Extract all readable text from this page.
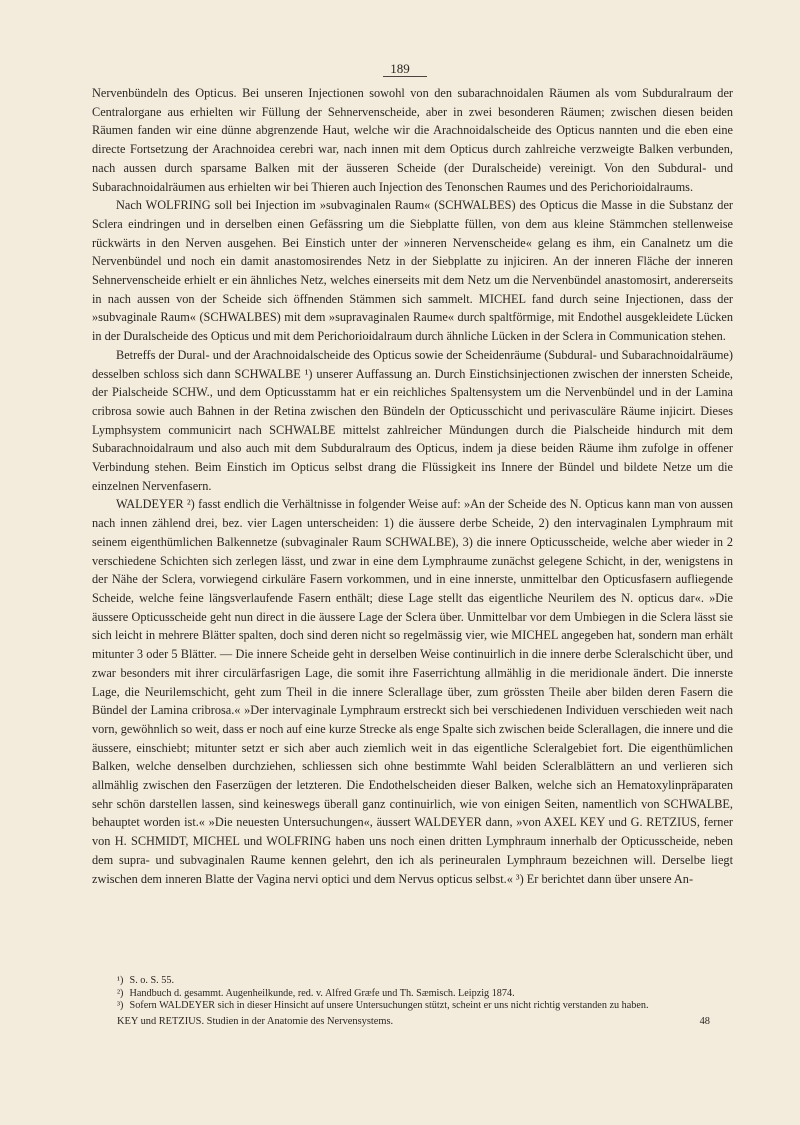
189

Nervenbündeln des Opticus. Bei unseren Injectionen sowohl von den subarachnoidalen Räumen als vom Subduralraum der Centralorgane aus erhielten wir Füllung der Sehnervenscheide, aber in zwei besonderen Räumen; zwischen diesen beiden Räumen fanden wir eine dünne abgrenzende Haut, welche wir die Arachnoidalscheide des Opticus nannten und die eben eine directe Fortsetzung der Arachnoidea cerebri war, nach innen mit dem Opticus durch zahlreiche verzweigte Balken verbunden, nach aussen durch sparsame Balken mit der äusseren Scheide (der Duralscheide) vereinigt. Von den Subdural- und Subarachnoidalräumen aus erhielten wir bei Thieren auch Injection des Tenonschen Raumes und des Perichorioidalraums.

Nach WOLFRING soll bei Injection im »subvaginalen Raum« (SCHWALBES) des Opticus die Masse in die Substanz der Sclera eindringen und in derselben einen Gefässring um die Siebplatte füllen, von dem aus kleine Stämmchen stellenweise rückwärts in den Nerven ausgehen. Bei Einstich unter der »inneren Nervenscheide« gelang es ihm, ein Canalnetz um die Nervenbündel und noch ein damit anastomosirendes Netz in der Siebplatte zu injiciren. An der inneren Fläche der inneren Sehnervenscheide erhielt er ein ähnliches Netz, welches einerseits mit dem Netz um die Nervenbündel anastomosirt, andererseits in nach aussen von der Scheide sich öffnenden Stämmen sich sammelt. MICHEL fand durch seine Injectionen, dass der »subvaginale Raum« (SCHWALBES) mit dem »supravaginalen Raume« durch spaltförmige, mit Endothel ausgekleidete Lücken in der Duralscheide des Opticus und mit dem Perichorioidalraum durch ähnliche Lücken in der Sclera in Communication stehen.

Betreffs der Dural- und der Arachnoidalscheide des Opticus sowie der Scheidenräume (Subdural- und Subarachnoidalräume) desselben schloss sich dann SCHWALBE ¹) unserer Auffassung an. Durch Einstichsinjectionen zwischen der innersten Scheide, der Pialscheide SCHW., und dem Opticusstamm hat er ein reichliches Spaltensystem um die Nervenbündel und in der Lamina cribrosa sowie auch Bahnen in der Retina zwischen den Bündeln der Opticusschicht und perivasculäre Räume injicirt. Dieses Lymphsystem communicirt nach SCHWALBE mittelst zahlreicher Mündungen durch die Pialscheide hindurch mit dem Subarachnoidalraum und also auch mit dem Subduralraum des Opticus, indem ja diese beiden Räume ihm zufolge in offener Verbindung stehen. Beim Einstich im Opticus selbst drang die Flüssigkeit ins Innere der Bündel und bildete Netze um die einzelnen Nervenfasern.

WALDEYER ²) fasst endlich die Verhältnisse in folgender Weise auf: »An der Scheide des N. Opticus kann man von aussen nach innen zählend drei, bez. vier Lagen unterscheiden: 1) die äussere derbe Scheide, 2) den intervaginalen Lymphraum mit seinem eigenthümlichen Balkennetze (subvaginaler Raum SCHWALBE), 3) die innere Opticusscheide, welche aber wieder in 2 verschiedene Schichten sich zerlegen lässt, und zwar in eine dem Lymphraume zunächst gelegene Schicht, in der, wenigstens in der Nähe der Sclera, vorwiegend cirkuläre Fasern vorkommen, und in eine innerste, unmittelbar den Opticusfasern aufliegende Scheide, welche feine längsverlaufende Fasern enthält; diese Lage stellt das eigentliche Neurilem des N. opticus dar«. »Die äussere Opticusscheide geht nun direct in die äussere Lage der Sclera über. Unmittelbar vor dem Umbiegen in die Sclera lässt sie sich leicht in mehrere Blätter spalten, doch sind deren nicht so regelmässig vier, wie MICHEL angegeben hat, sondern man erhält mitunter 3 oder 5 Blätter. — Die innere Scheide geht in derselben Weise continuirlich in die innere derbe Scleralschicht über, und zwar besonders mit ihrer circulärfasrigen Lage, die somit ihre Faserrichtung allmählig in die meridionale ändert. Die innerste Lage, die Neurilemschicht, geht zum Theil in die innere Sclerallage über, zum grössten Theile aber bilden deren Fasern die Bündel der Lamina cribrosa.« »Der intervaginale Lymphraum erstreckt sich bei verschiedenen Individuen verschieden weit nach vorn, gewöhnlich so weit, dass er noch auf eine kurze Strecke als enge Spalte sich zwischen beide Sclerallagen, die innere und die äussere, einschiebt; mitunter setzt er sich aber auch ziemlich weit in das eigentliche Scleralgebiet fort. Die eigenthümlichen Balken, welche denselben durchziehen, schliessen sich ohne bestimmte Wahl beiden Scleralblättern an und verlieren sich allmählig zwischen den Faserzügen der letzteren. Die Endothelscheiden dieser Balken, welche sich an Hematoxylinpräparaten sehr schön darstellen lassen, sind keineswegs überall ganz continuirlich, wie von einigen Seiten, namentlich von SCHWALBE, behauptet worden ist.« »Die neuesten Untersuchungen«, äussert WALDEYER dann, »von AXEL KEY und G. RETZIUS, ferner von H. SCHMIDT, MICHEL und WOLFRING haben uns noch einen dritten Lymphraum innerhalb der Opticusscheide, neben dem supra- und subvaginalen Raume kennen gelehrt, den ich als perineuralen Lymphraum bezeichnen will. Derselbe liegt zwischen dem inneren Blatte der Vagina nervi optici und dem Nervus opticus selbst.« ³) Er berichtet dann über unsere An-

¹) S. o. S. 55.

²) Handbuch d. gesammt. Augenheilkunde, red. v. Alfred Græfe und Th. Sæmisch. Leipzig 1874.

³) Sofern WALDEYER sich in dieser Hinsicht auf unsere Untersuchungen stützt, scheint er uns nicht richtig verstanden zu haben.

KEY und RETZIUS. Studien in der Anatomie des Nervensystems.	48
